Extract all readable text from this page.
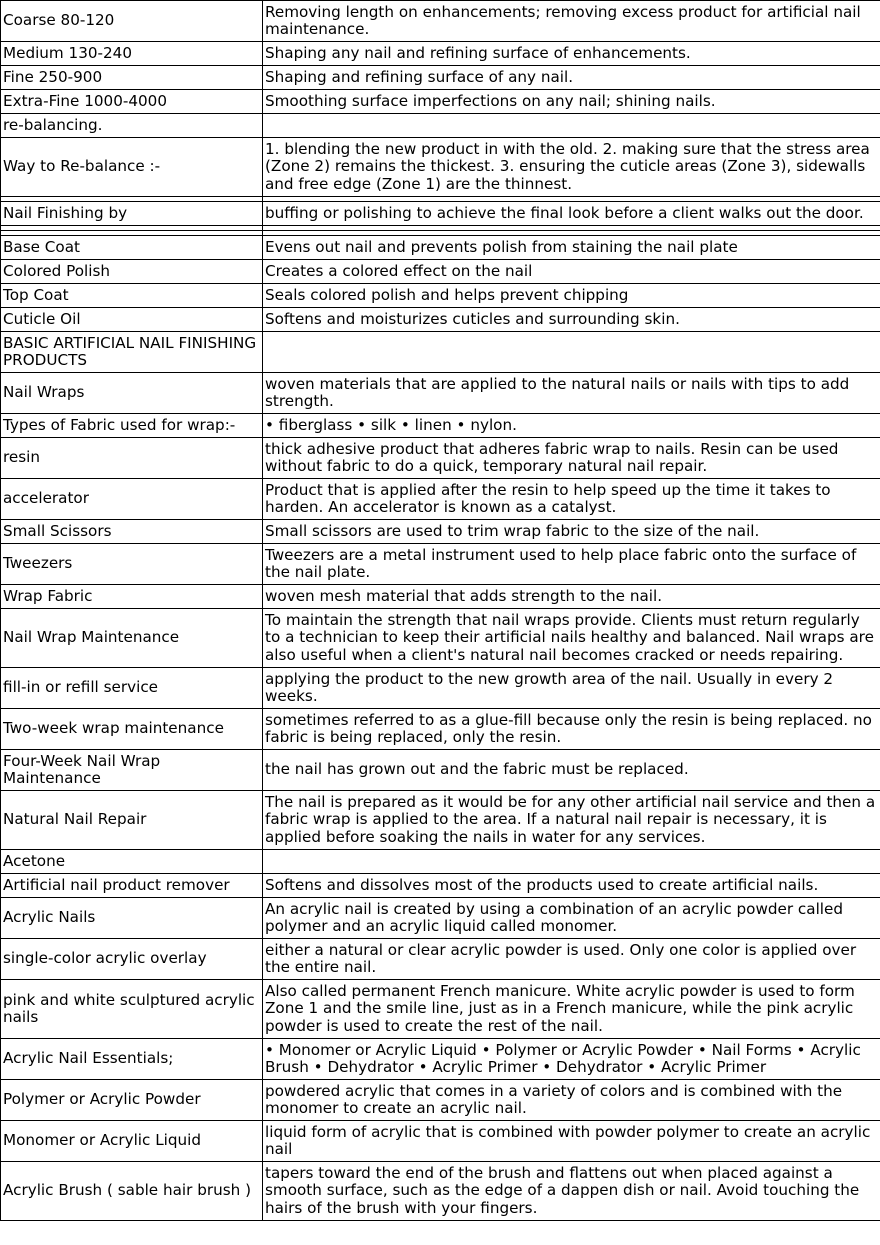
Coarse 80-120	Removing length on enhancements; removing excess product for artificial nail maintenance.
Medium 130-240	Shaping any nail and refining surface of enhancements.
Fine 250-900	Shaping and refining surface of any nail.
Extra-Fine 1000-4000	Smoothing surface imperfections on any nail; shining nails.
re-balancing.	
Way to Re-balance :-	1. blending the new product in with the old. 2. making sure that the stress area (Zone 2) remains the thickest. 3. ensuring the cuticle areas (Zone 3), sidewalls and free edge (Zone 1) are the thinnest.

Nail Finishing by	buffing or polishing to achieve the final look before a client walks out the door.

Base Coat	Evens out nail and prevents polish from staining the nail plate
Colored Polish	Creates a colored effect on the nail
Top Coat	Seals colored polish and helps prevent chipping
Cuticle Oil	Softens and moisturizes cuticles and surrounding skin.
BASIC ARTIFICIAL NAIL FINISHING PRODUCTS	
Nail Wraps	woven materials that are applied to the natural nails or nails with tips to add strength.
Types of Fabric used for wrap:-	• fiberglass • silk • linen • nylon.
resin	thick adhesive product that adheres fabric wrap to nails. Resin can be used without fabric to do a quick, temporary natural nail repair.
accelerator	Product that is applied after the resin to help speed up the time it takes to harden. An accelerator is known as a catalyst.
Small Scissors	Small scissors are used to trim wrap fabric to the size of the nail.
Tweezers	Tweezers are a metal instrument used to help place fabric onto the surface of the nail plate.
Wrap Fabric	woven mesh material that adds strength to the nail.
Nail Wrap Maintenance	To maintain the strength that nail wraps provide. Clients must return regularly to a technician to keep their artificial nails healthy and balanced. Nail wraps are also useful when a client's natural nail becomes cracked or needs repairing.
fill-in or refill service	applying the product to the new growth area of the nail. Usually in every 2 weeks.
Two-week wrap maintenance	sometimes referred to as a glue-fill because only the resin is being replaced. no fabric is being replaced, only the resin.
Four-Week Nail Wrap Maintenance	the nail has grown out and the fabric must be replaced.
Natural Nail Repair	The nail is prepared as it would be for any other artificial nail service and then a fabric wrap is applied to the area. If a natural nail repair is necessary, it is applied before soaking the nails in water for any services.
Acetone	
Artificial nail product remover	Softens and dissolves most of the products used to create artificial nails.
Acrylic Nails	An acrylic nail is created by using a combination of an acrylic powder called polymer and an acrylic liquid called monomer.
single-color acrylic overlay	either a natural or clear acrylic powder is used. Only one color is applied over the entire nail.
pink and white sculptured acrylic nails	Also called permanent French manicure. White acrylic powder is used to form Zone 1 and the smile line, just as in a French manicure, while the pink acrylic powder is used to create the rest of the nail.
Acrylic Nail Essentials;	• Monomer or Acrylic Liquid • Polymer or Acrylic Powder • Nail Forms • Acrylic Brush • Dehydrator • Acrylic Primer • Dehydrator • Acrylic Primer
Polymer or Acrylic Powder	powdered acrylic that comes in a variety of colors and is combined with the monomer to create an acrylic nail.
Monomer or Acrylic Liquid	liquid form of acrylic that is combined with powder polymer to create an acrylic nail
Acrylic Brush ( sable hair brush )	tapers toward the end of the brush and flattens out when placed against a smooth surface, such as the edge of a dappen dish or nail. Avoid touching the hairs of the brush with your fingers.
